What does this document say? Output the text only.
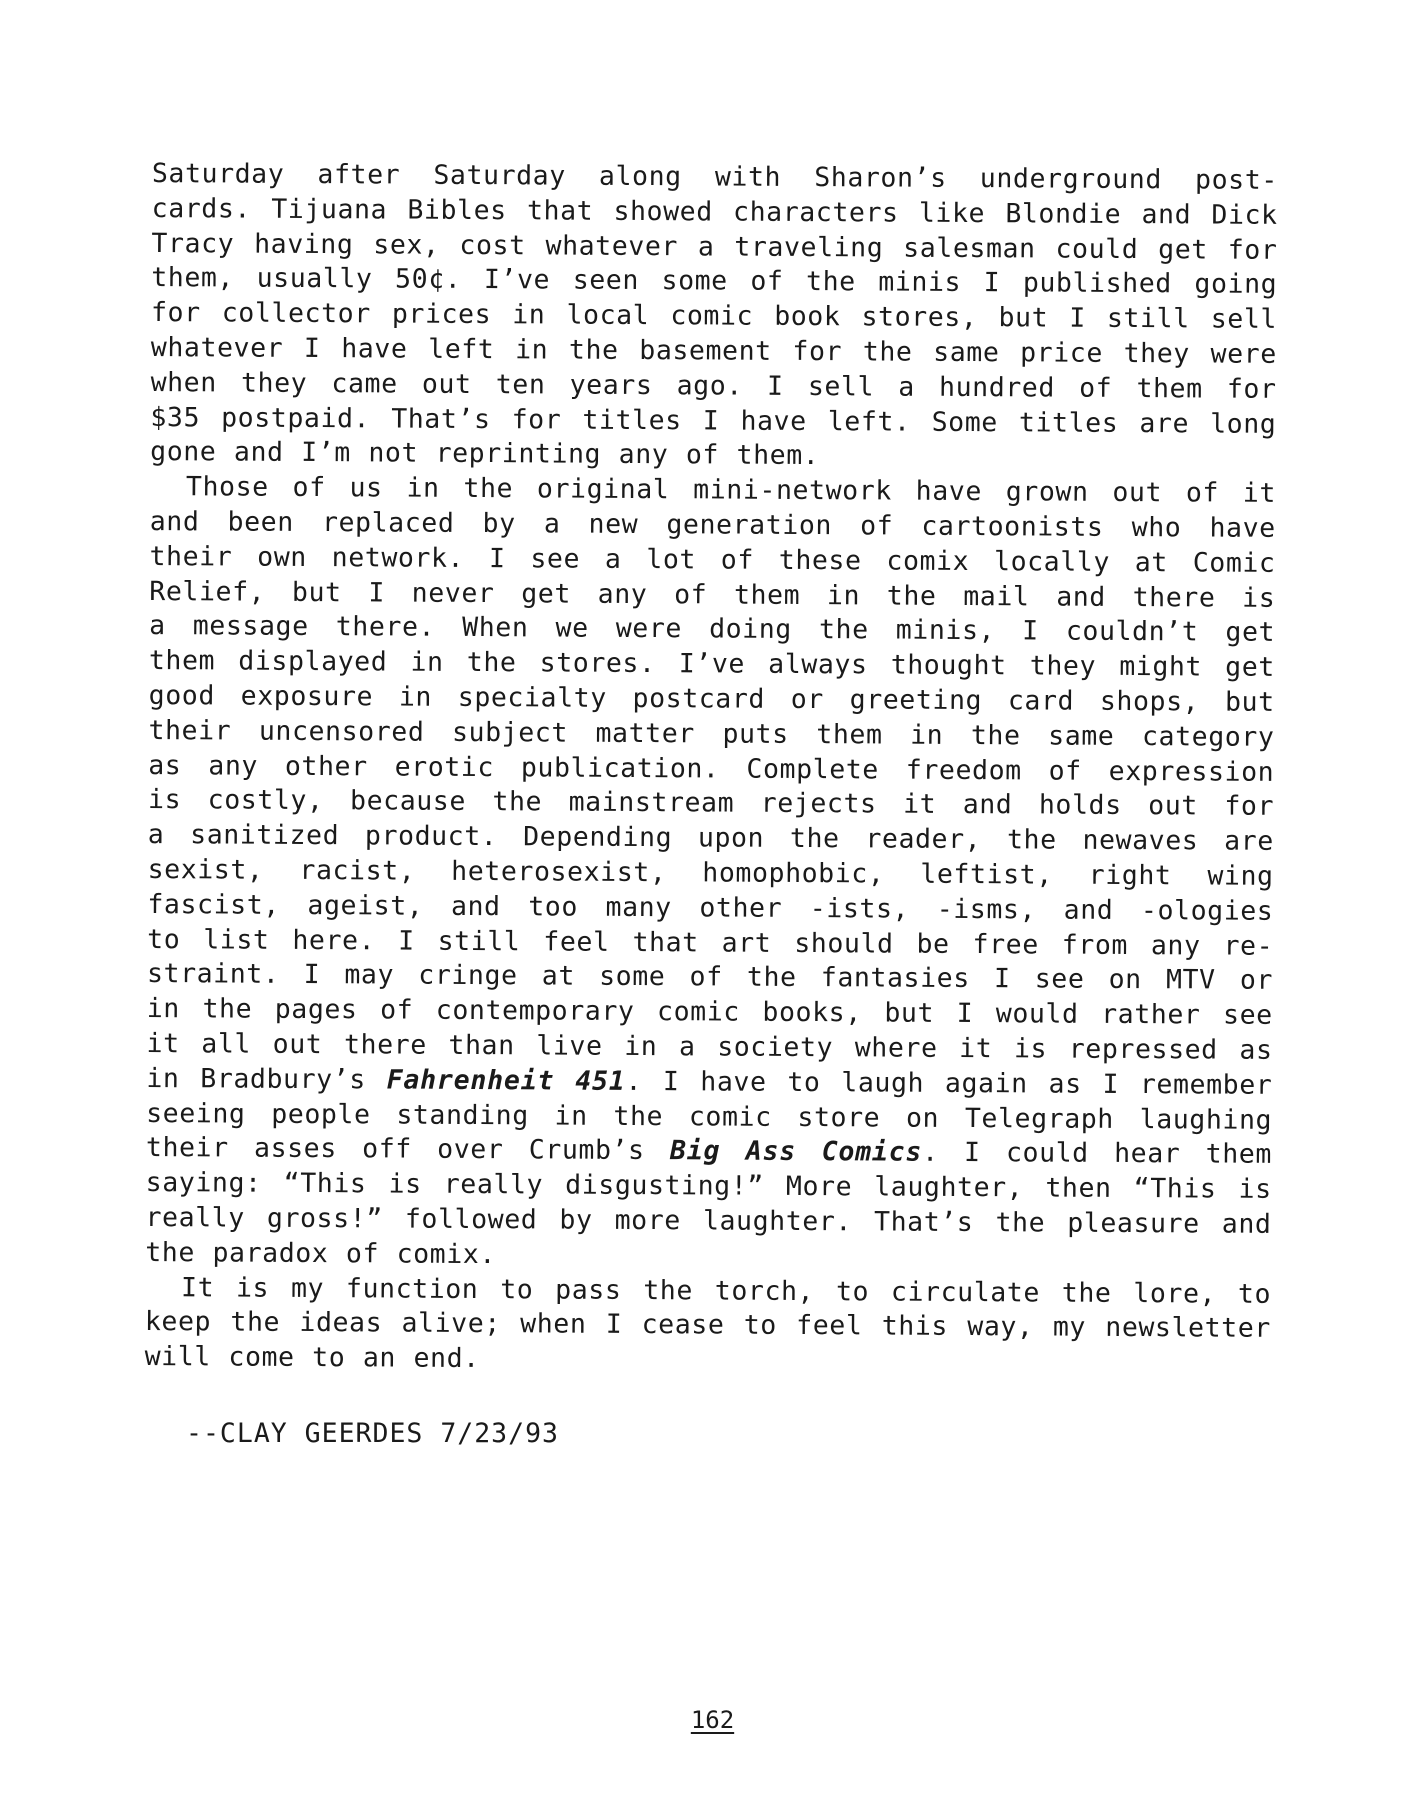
Saturday after Saturday along with Sharon’s underground post-
cards. Tijuana Bibles that showed characters like Blondie and Dick
Tracy having sex, cost whatever a traveling salesman could get for
them, usually 50¢. I’ve seen some of the minis I published going
for collector prices in local comic book stores, but I still sell
whatever I have left in the basement for the same price they were
when they came out ten years ago. I sell a hundred of them for
$35 postpaid. That’s for titles I have left. Some titles are long
gone and I’m not reprinting any of them.
Those of us in the original mini-network have grown out of it
and been replaced by a new generation of cartoonists who have
their own network. I see a lot of these comix locally at Comic
Relief, but I never get any of them in the mail and there is
a message there. When we were doing the minis, I couldn’t get
them displayed in the stores. I’ve always thought they might get
good exposure in specialty postcard or greeting card shops, but
their uncensored subject matter puts them in the same category
as any other erotic publication. Complete freedom of expression
is costly, because the mainstream rejects it and holds out for
a sanitized product. Depending upon the reader, the newaves are
sexist, racist, heterosexist, homophobic, leftist, right wing
fascist, ageist, and too many other -ists, -isms, and -ologies
to list here. I still feel that art should be free from any re-
straint. I may cringe at some of the fantasies I see on MTV or
in the pages of contemporary comic books, but I would rather see
it all out there than live in a society where it is repressed as
in Bradbury’s Fahrenheit 451. I have to laugh again as I remember
seeing people standing in the comic store on Telegraph laughing
their asses off over Crumb’s Big Ass Comics. I could hear them
saying: “This is really disgusting!” More laughter, then “This is
really gross!” followed by more laughter. That’s the pleasure and
the paradox of comix.
It is my function to pass the torch, to circulate the lore, to
keep the ideas alive; when I cease to feel this way, my newsletter
will come to an end.
--CLAY GEERDES 7/23/93
162
